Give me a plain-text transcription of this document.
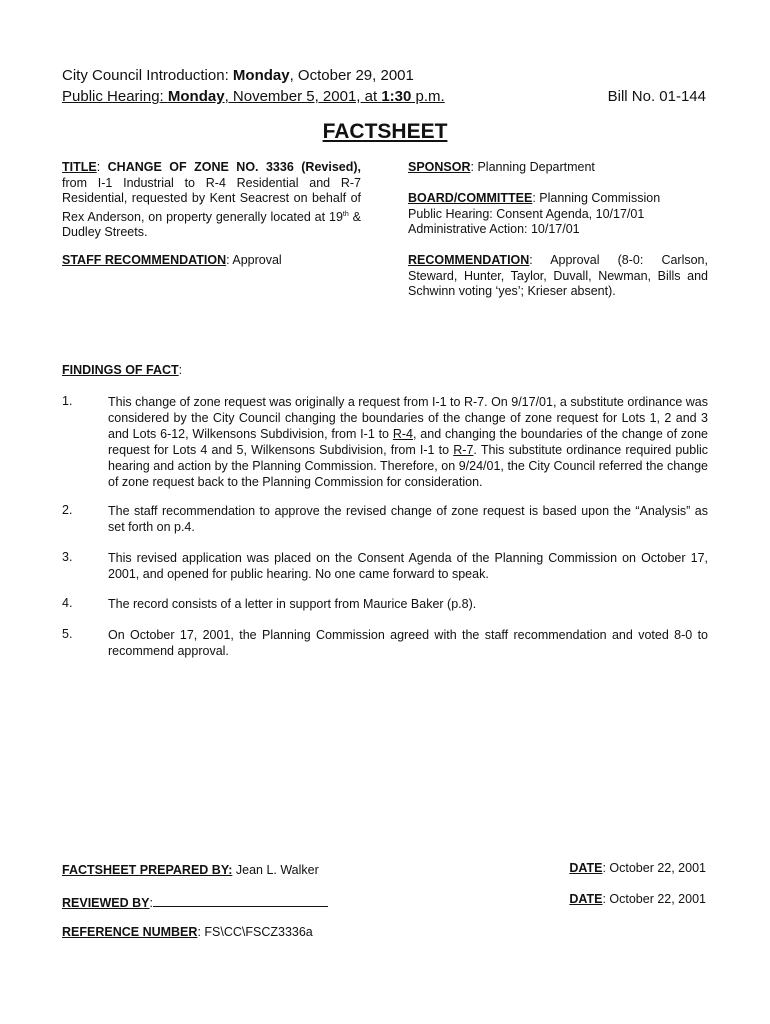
City Council Introduction: Monday, October 29, 2001
Public Hearing: Monday, November 5, 2001, at 1:30 p.m.	Bill No. 01-144
FACTSHEET
TITLE: CHANGE OF ZONE NO. 3336 (Revised), from I-1 Industrial to R-4 Residential and R-7 Residential, requested by Kent Seacrest on behalf of Rex Anderson, on property generally located at 19th & Dudley Streets.
STAFF RECOMMENDATION: Approval
SPONSOR: Planning Department
BOARD/COMMITTEE: Planning Commission
Public Hearing: Consent Agenda, 10/17/01
Administrative Action: 10/17/01
RECOMMENDATION: Approval (8-0: Carlson, Steward, Hunter, Taylor, Duvall, Newman, Bills and Schwinn voting ‘yes’; Krieser absent).
FINDINGS OF FACT:
1.	This change of zone request was originally a request from I-1 to R-7. On 9/17/01, a substitute ordinance was considered by the City Council changing the boundaries of the change of zone request for Lots 1, 2 and 3 and Lots 6-12, Wilkensons Subdivision, from I-1 to R-4, and changing the boundaries of the change of zone request for Lots 4 and 5, Wilkensons Subdivision, from I-1 to R-7. This substitute ordinance required public hearing and action by the Planning Commission. Therefore, on 9/24/01, the City Council referred the change of zone request back to the Planning Commission for consideration.
2.	The staff recommendation to approve the revised change of zone request is based upon the “Analysis” as set forth on p.4.
3.	This revised application was placed on the Consent Agenda of the Planning Commission on October 17, 2001, and opened for public hearing. No one came forward to speak.
4.	The record consists of a letter in support from Maurice Baker (p.8).
5.	On October 17, 2001, the Planning Commission agreed with the staff recommendation and voted 8-0 to recommend approval.
FACTSHEET PREPARED BY: Jean L. Walker	DATE: October 22, 2001
REVIEWED BY:	DATE: October 22, 2001
REFERENCE NUMBER: FS\CC\FSCZ3336a
